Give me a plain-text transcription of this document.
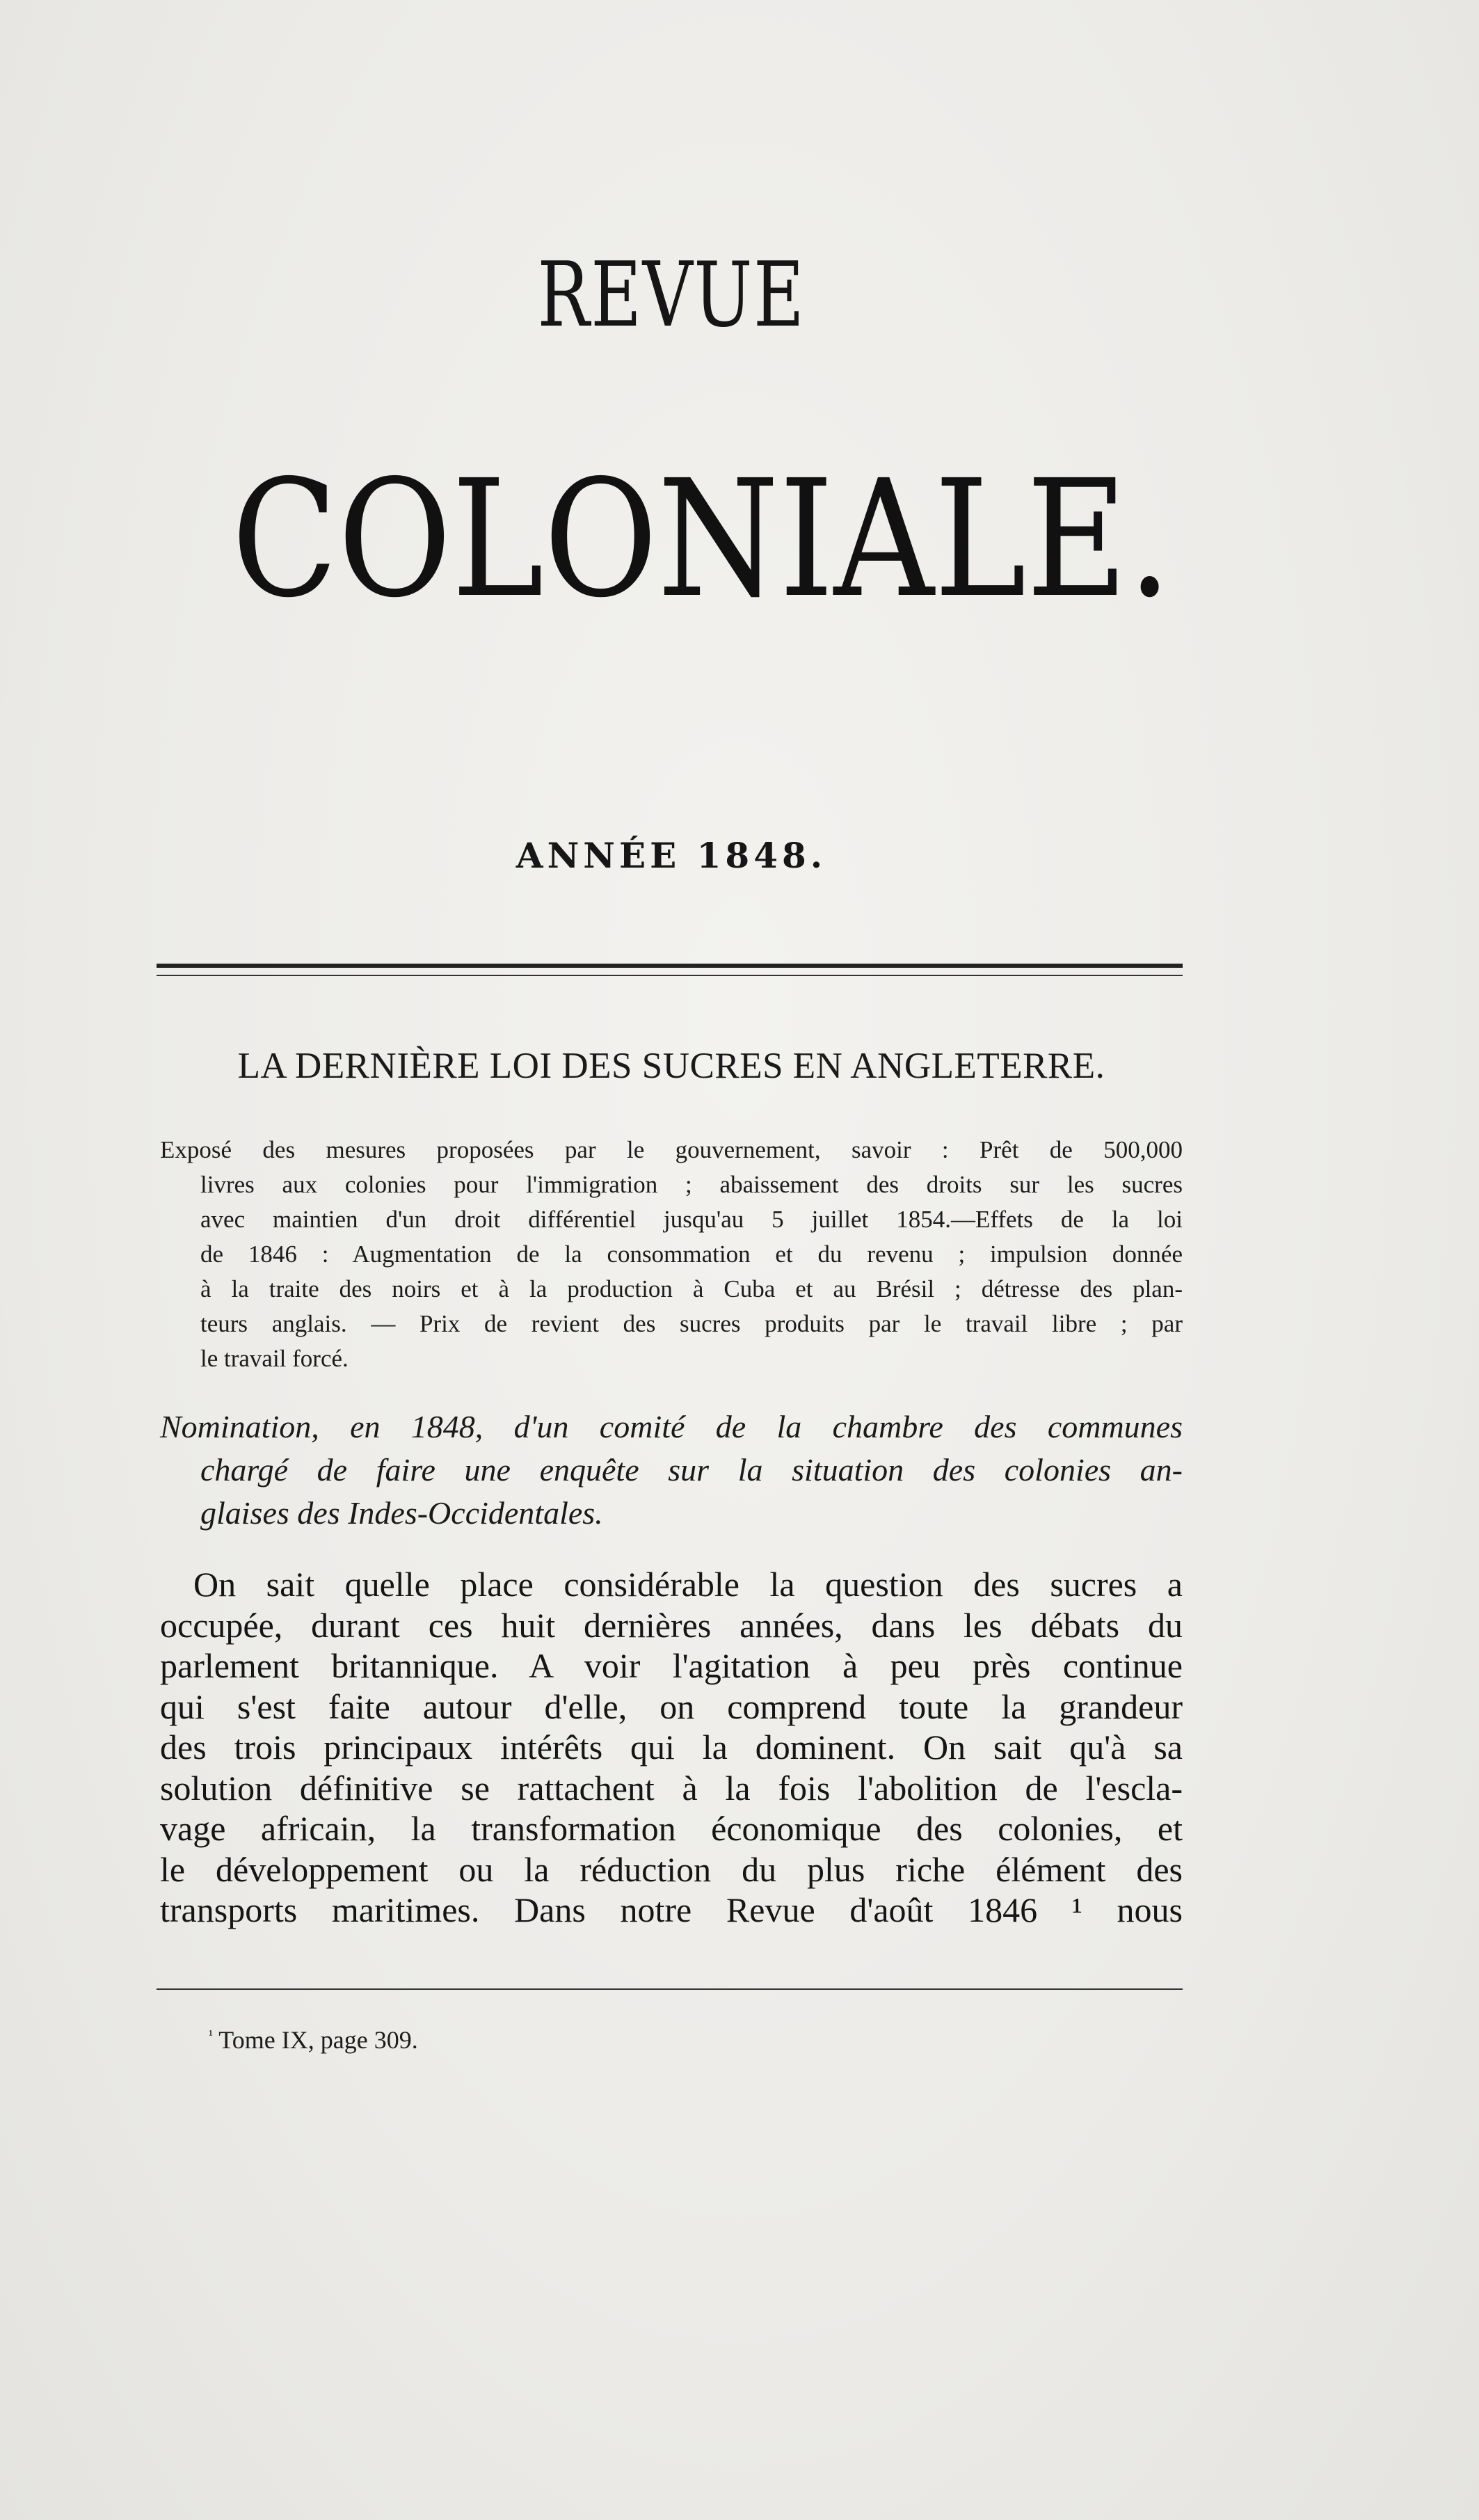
REVUE
COLONIALE.
ANNÉE 1848.
LA DERNIÈRE LOI DES SUCRES EN ANGLETERRE.
Exposé des mesures proposées par le gouvernement, savoir : Prêt de 500,000
livres aux colonies pour l'immigration ; abaissement des droits sur les sucres
avec maintien d'un droit différentiel jusqu'au 5 juillet 1854.—Effets de la loi
de 1846 : Augmentation de la consommation et du revenu ; impulsion donnée
à la traite des noirs et à la production à Cuba et au Brésil ; détresse des plan-
teurs anglais. — Prix de revient des sucres produits par le travail libre ; par
le travail forcé.
Nomination, en 1848, d'un comité de la chambre des communes
chargé de faire une enquête sur la situation des colonies an-
glaises des Indes-Occidentales.
On sait quelle place considérable la question des sucres a
occupée, durant ces huit dernières années, dans les débats du
parlement britannique. A voir l'agitation à peu près continue
qui s'est faite autour d'elle, on comprend toute la grandeur
des trois principaux intérêts qui la dominent. On sait qu'à sa
solution définitive se rattachent à la fois l'abolition de l'escla-
vage africain, la transformation économique des colonies, et
le développement ou la réduction du plus riche élément des
transports maritimes. Dans notre Revue d'août 1846 ¹ nous
$^{^1}$ Tome IX, page 309.
